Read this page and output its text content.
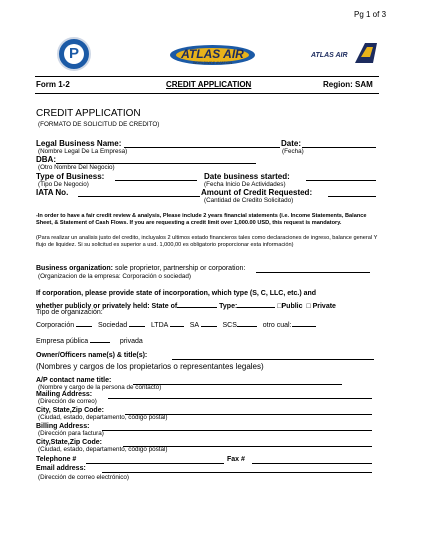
Pg 1 of 3
P	ATLAS AIR
WORLDWIDE AVIATION
ATLAS AIR
Form 1-2	CREDIT APPLICATION	Region: SAM
CREDIT APPLICATION
(FORMATO DE SOLICITUD DE CREDITO)
Legal Business Name:	Date:
(Nombre Legal De La Empresa)	(Fecha)
DBA:
(Otro Nombre Del Negocio)
Type of Business:	Date business started:
(Tipo De Negocio)	(Fecha Inicio De Actividades)
IATA No.	Amount of Credit Requested:
(Cantidad de Credito Solicitado)
-In order to have a fair credit review & analysis, Please include 2 years financial statements (i.e. Income Statements, Balance Sheet, & Statement of Cash Flows. If you are requesting a credit limit over 1,000.00 USD, this request is mandatory.
(Para realizar un analisis justo del credito, incluyalos 2 ultimos estado financieros tales como declaraciones de ingreso, balance general Y flujo de liquidez. Si su solicitud es superior a usd. 1,000,00 es obligatorio proporcionar esta información)
Business organization: sole proprietor, partnership or corporation:
(Organizacion de la empresa: Corporación o sociedad)
If corporation, please provide state of incorporation, which type (S, C, LLC, etc.) and
whether publicly or privately held: State of	Type:	□Public □ Private
Tipo de organización:
Corporación	Sociedad	LTDA	SA	SCS	otro cual:
Empresa pública	privada
Owner/Officers name(s) & title(s):
(Nombres y cargos de los propietarios o representantes legales)
A/P contact name title:
(Nombre y cargo de la persona de contacto)
Mailing Address:
(Dirección de correo)
City, State,Zip Code:
(Ciudad, estado, departamento, código postal)
Billing Address:
(Dirección para factura)
City,State,Zip Code:
(Ciudad, estado, departamento, código postal)
Telephone #	Fax #
Email address:
(Dirección de correo electrónico)
